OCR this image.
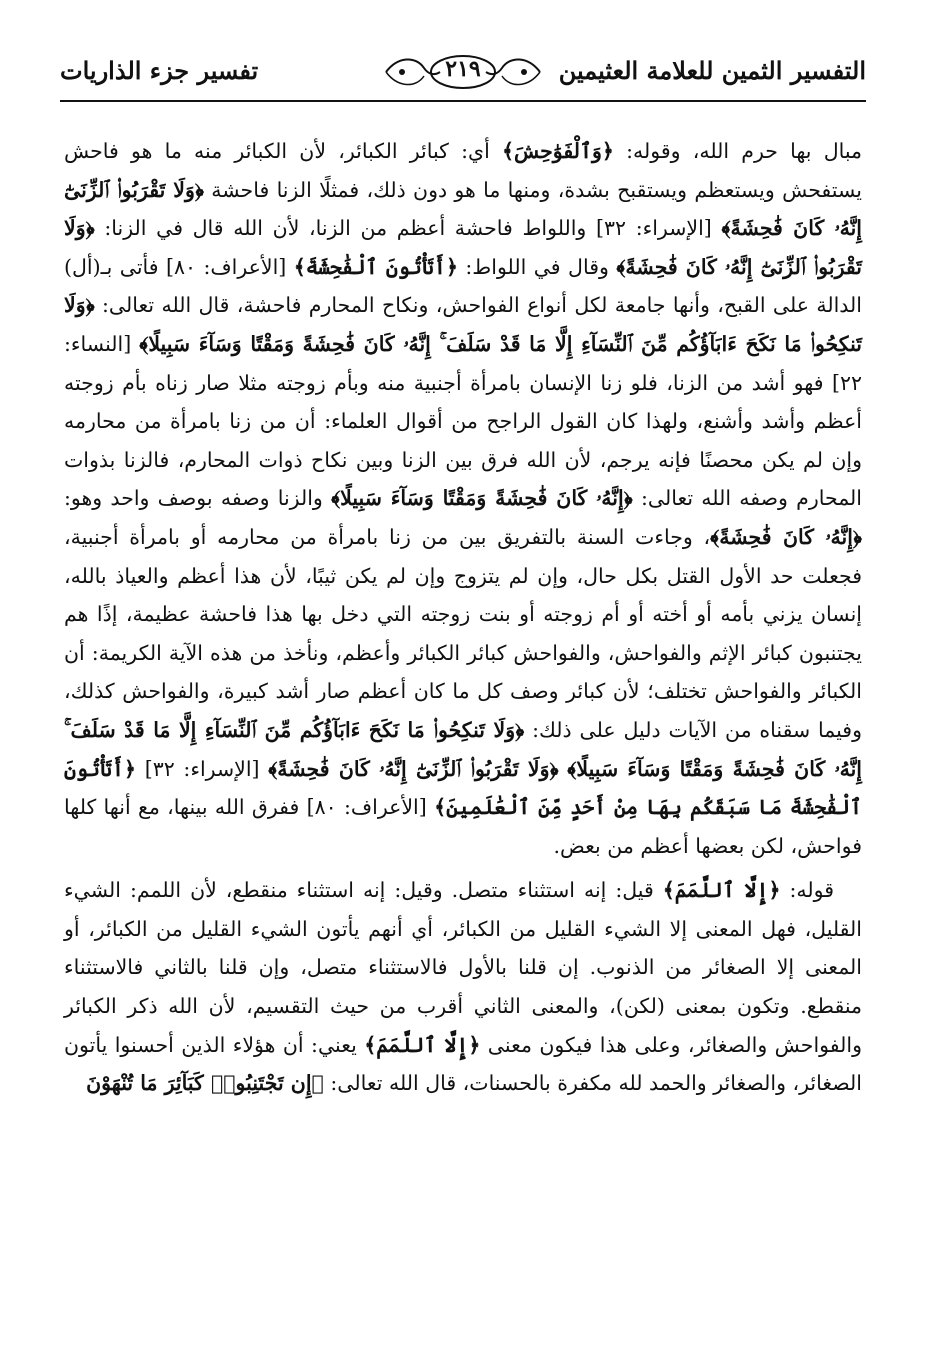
التفسير الثمين للعلامة العثيمين
٢١٩
تفسير جزء الذاريات

مبال بها حرم الله، وقوله: ﴿وَٱلْفَوَٰحِشَ﴾ أي: كبائر الكبائر، لأن الكبائر منه ما هو فاحش يستفحش ويستعظم ويستقبح بشدة، ومنها ما هو دون ذلك، فمثلًا الزنا فاحشة ﴿وَلَا تَقْرَبُوا۟ ٱلزِّنَىٰٓ إِنَّهُۥ كَانَ فَٰحِشَةً﴾ [الإسراء: ٣٢] واللواط فاحشة أعظم من الزنا، لأن الله قال في الزنا: ﴿وَلَا تَقْرَبُوا۟ ٱلزِّنَىٰٓ إِنَّهُۥ كَانَ فَٰحِشَةً﴾ وقال في اللواط: ﴿أَتَأْتُونَ ٱلْفَٰحِشَةَ﴾ [الأعراف: ٨٠] فأتى بـ(أل) الدالة على القبح، وأنها جامعة لكل أنواع الفواحش، ونكاح المحارم فاحشة، قال الله تعالى: ﴿وَلَا تَنكِحُوا۟ مَا نَكَحَ ءَابَآؤُكُم مِّنَ ٱلنِّسَآءِ إِلَّا مَا قَدْ سَلَفَ ۚ إِنَّهُۥ كَانَ فَٰحِشَةً وَمَقْتًا وَسَآءَ سَبِيلًا﴾ [النساء: ٢٢] فهو أشد من الزنا، فلو زنا الإنسان بامرأة أجنبية منه وبأم زوجته مثلا صار زناه بأم زوجته أعظم وأشد وأشنع، ولهذا كان القول الراجح من أقوال العلماء: أن من زنا بامرأة من محارمه وإن لم يكن محصنًا فإنه يرجم، لأن الله فرق بين الزنا وبين نكاح ذوات المحارم، فالزنا بذوات المحارم وصفه الله تعالى: ﴿إِنَّهُۥ كَانَ فَٰحِشَةً وَمَقْتًا وَسَآءَ سَبِيلًا﴾ والزنا وصفه بوصف واحد وهو: ﴿إِنَّهُۥ كَانَ فَٰحِشَةً﴾، وجاءت السنة بالتفريق بين من زنا بامرأة من محارمه أو بامرأة أجنبية، فجعلت حد الأول القتل بكل حال، وإن لم يتزوج وإن لم يكن ثيبًا، لأن هذا أعظم والعياذ بالله، إنسان يزني بأمه أو أخته أو أم زوجته أو بنت زوجته التي دخل بها هذا فاحشة عظيمة، إذًا هم يجتنبون كبائر الإثم والفواحش، والفواحش كبائر الكبائر وأعظم، ونأخذ من هذه الآية الكريمة: أن الكبائر والفواحش تختلف؛ لأن كبائر وصف كل ما كان أعظم صار أشد كبيرة، والفواحش كذلك، وفيما سقناه من الآيات دليل على ذلك: ﴿وَلَا تَنكِحُوا۟ مَا نَكَحَ ءَابَآؤُكُم مِّنَ ٱلنِّسَآءِ إِلَّا مَا قَدْ سَلَفَ ۚ إِنَّهُۥ كَانَ فَٰحِشَةً وَمَقْتًا وَسَآءَ سَبِيلًا﴾ ﴿وَلَا تَقْرَبُوا۟ ٱلزِّنَىٰٓ إِنَّهُۥ كَانَ فَٰحِشَةً﴾ [الإسراء: ٣٢] ﴿أَتَأْتُونَ ٱلْفَٰحِشَةَ مَا سَبَقَكُم بِهَا مِنْ أَحَدٍ مِّنَ ٱلْعَٰلَمِينَ﴾ [الأعراف: ٨٠] ففرق الله بينها، مع أنها كلها فواحش، لكن بعضها أعظم من بعض.

قوله: ﴿إِلَّا ٱللَّمَمَ﴾ قيل: إنه استثناء متصل. وقيل: إنه استثناء منقطع، لأن اللمم: الشيء القليل، فهل المعنى إلا الشيء القليل من الكبائر، أي أنهم يأتون الشيء القليل من الكبائر، أو المعنى إلا الصغائر من الذنوب. إن قلنا بالأول فالاستثناء متصل، وإن قلنا بالثاني فالاستثناء منقطع. وتكون بمعنى (لكن)، والمعنى الثاني أقرب من حيث التقسيم، لأن الله ذكر الكبائر والفواحش والصغائر، وعلى هذا فيكون معنى ﴿إِلَّا ٱللَّمَمَ﴾ يعني: أن هؤلاء الذين أحسنوا يأتون الصغائر، والصغائر والحمد لله مكفرة بالحسنات، قال الله تعالى: ﴿إِن تَجْتَنِبُوا۟ كَبَآئِرَ مَا تُنْهَوْنَ
